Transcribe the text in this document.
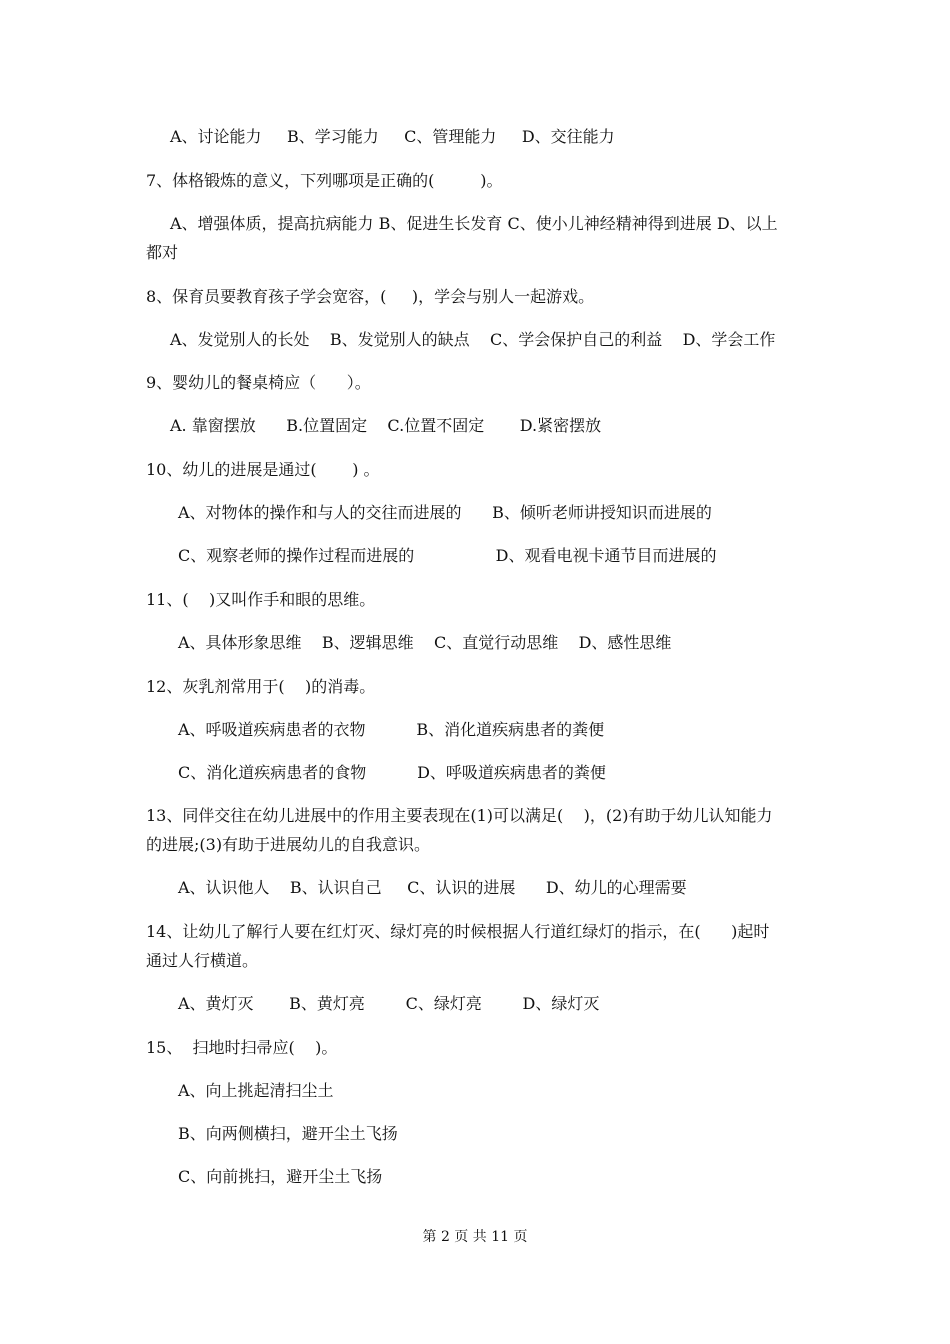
A、讨论能力     B、学习能力     C、管理能力     D、交往能力

7、体格锻炼的意义，下列哪项是正确的(         )。

A、增强体质，提高抗病能力 B、促进生长发育 C、使小儿神经精神得到进展 D、以上

都对

8、保育员要教育孩子学会宽容，(     )，学会与别人一起游戏。

A、发觉别人的长处    B、发觉别人的缺点    C、学会保护自己的利益    D、学会工作

9、婴幼儿的餐桌椅应（      ）。

A. 靠窗摆放      B.位置固定    C.位置不固定       D.紧密摆放

10、幼儿的进展是通过(       ) 。

A、对物体的操作和与人的交往而进展的      B、倾听老师讲授知识而进展的

C、观察老师的操作过程而进展的                D、观看电视卡通节目而进展的

11、(    )又叫作手和眼的思维。

A、具体形象思维    B、逻辑思维    C、直觉行动思维    D、感性思维

12、灰乳剂常用于(    )的消毒。

A、呼吸道疾病患者的衣物          B、消化道疾病患者的粪便

C、消化道疾病患者的食物          D、呼吸道疾病患者的粪便

13、同伴交往在幼儿进展中的作用主要表现在(1)可以满足(    )，(2)有助于幼儿认知能力

的进展;(3)有助于进展幼儿的自我意识。

A、认识他人    B、认识自己     C、认识的进展      D、幼儿的心理需要

14、让幼儿了解行人要在红灯灭、绿灯亮的时候根据人行道红绿灯的指示，在(      )起时

通过人行横道。

A、黄灯灭       B、黄灯亮        C、绿灯亮        D、绿灯灭

15、  扫地时扫帚应(    )。

A、向上挑起清扫尘土

B、向两侧横扫，避开尘土飞扬

C、向前挑扫，避开尘土飞扬

第 2 页 共 11 页
